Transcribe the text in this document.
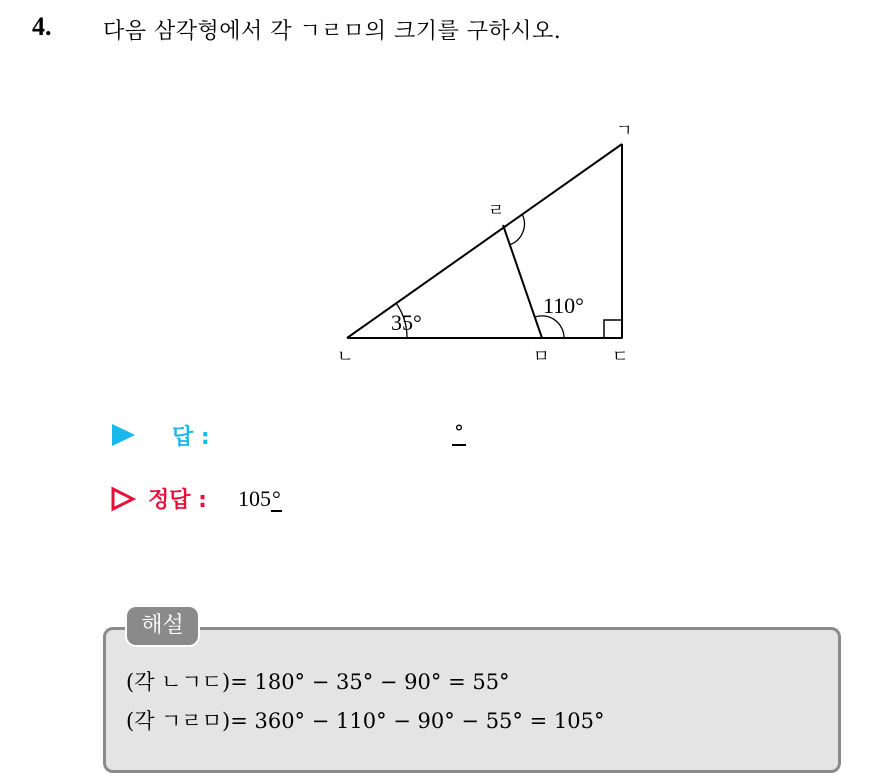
4. 다음 삼각형에서 각 ㄱㄹㅁ의 크기를 구하시오.
ㄱ
ㄴ	ㄷ
ㄹ
ㅁ
35°
110°
답 :	°
정답 : 105°
해설
(각 ㄴㄱㄷ)= 180° − 35° − 90° = 55°
(각 ㄱㄹㅁ)= 360° − 110° − 90° − 55° = 105°
